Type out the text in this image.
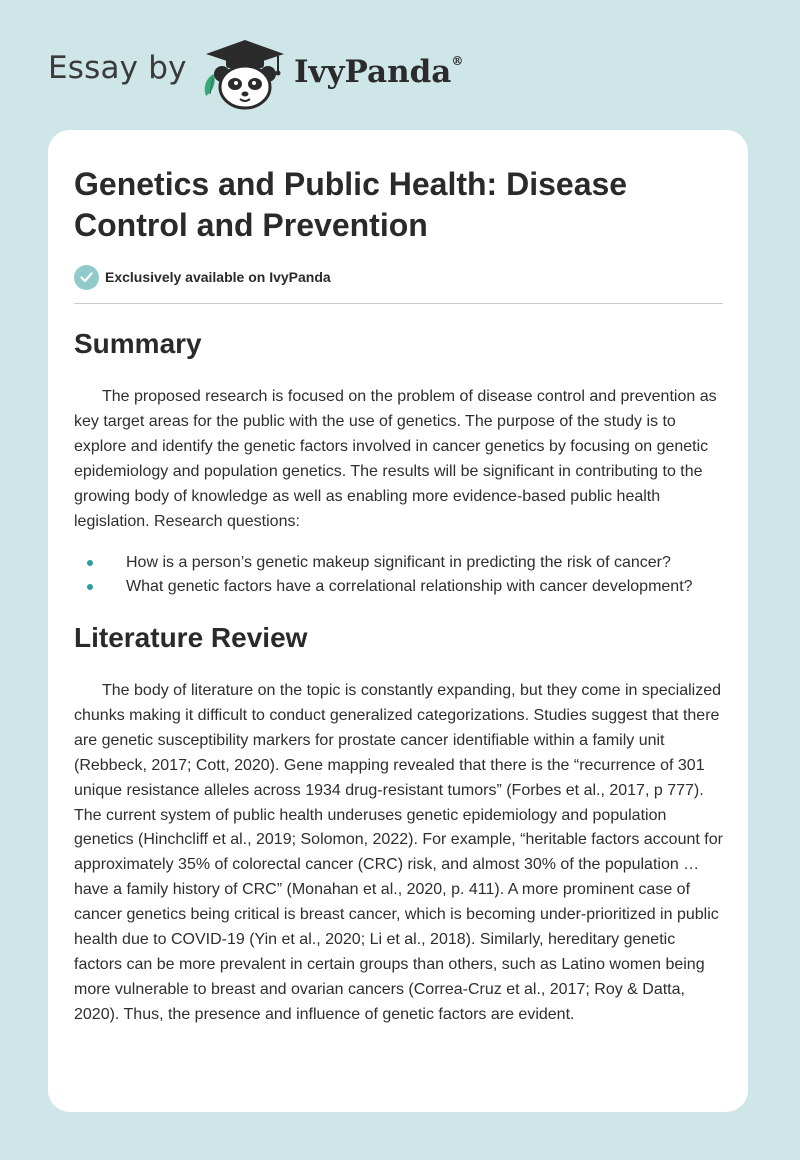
Essay by	IvyPanda®
Genetics and Public Health: Disease Control and Prevention
Exclusively available on IvyPanda
Summary

The proposed research is focused on the problem of disease control and prevention as key target areas for the public with the use of genetics. The purpose of the study is to explore and identify the genetic factors involved in cancer genetics by focusing on genetic epidemiology and population genetics. The results will be significant in contributing to the growing body of knowledge as well as enabling more evidence-based public health legislation. Research questions:

How is a person’s genetic makeup significant in predicting the risk of cancer?
What genetic factors have a correlational relationship with cancer development?
Literature Review

The body of literature on the topic is constantly expanding, but they come in specialized chunks making it difficult to conduct generalized categorizations. Studies suggest that there are genetic susceptibility markers for prostate cancer identifiable within a family unit (Rebbeck, 2017; Cott, 2020). Gene mapping revealed that there is the “recurrence of 301 unique resistance alleles across 1934 drug-resistant tumors” (Forbes et al., 2017, p 777). The current system of public health underuses genetic epidemiology and population genetics (Hinchcliff et al., 2019; Solomon, 2022). For example, “heritable factors account for approximately 35% of colorectal cancer (CRC) risk, and almost 30% of the population … have a family history of CRC” (Monahan et al., 2020, p. 411). A more prominent case of cancer genetics being critical is breast cancer, which is becoming under-prioritized in public health due to COVID-19 (Yin et al., 2020; Li et al., 2018). Similarly, hereditary genetic factors can be more prevalent in certain groups than others, such as Latino women being more vulnerable to breast and ovarian cancers (Correa-Cruz et al., 2017; Roy & Datta, 2020). Thus, the presence and influence of genetic factors are evident.
